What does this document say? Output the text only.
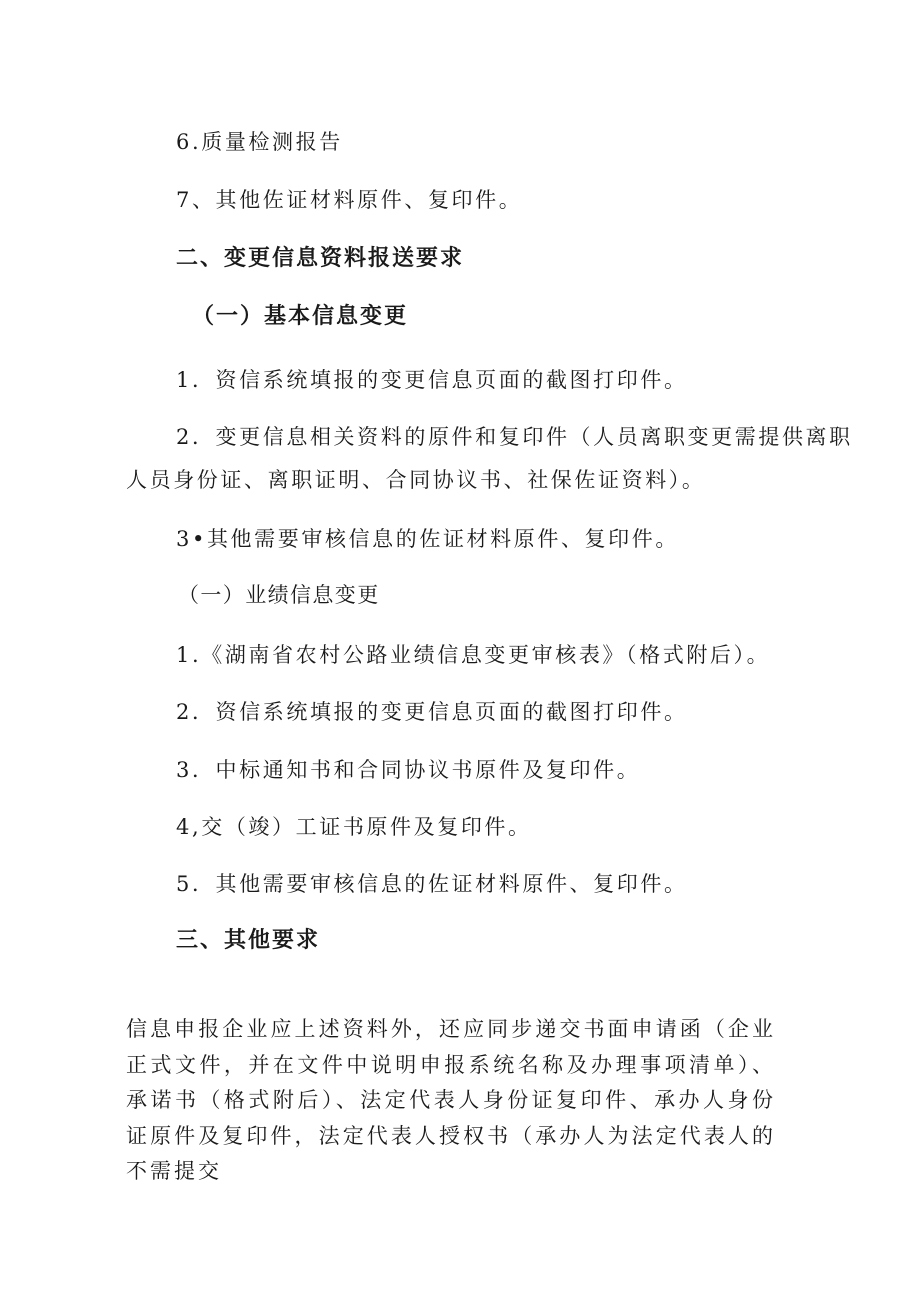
6.质量检测报告
7、其他佐证材料原件、复印件。
二、变更信息资料报送要求
（一）基本信息变更
1．资信系统填报的变更信息页面的截图打印件。
2．变更信息相关资料的原件和复印件（人员离职变更需提供离职
人员身份证、离职证明、合同协议书、社保佐证资料）。
3•其他需要审核信息的佐证材料原件、复印件。
（一）业绩信息变更
1.《湖南省农村公路业绩信息变更审核表》（格式附后）。
2．资信系统填报的变更信息页面的截图打印件。
3．中标通知书和合同协议书原件及复印件。
4,交（竣）工证书原件及复印件。
5．其他需要审核信息的佐证材料原件、复印件。
三、其他要求
信息申报企业应上述资料外，还应同步递交书面申请函（企业正式文件，并在文件中说明申报系统名称及办理事项清单）、承诺书（格式附后）、法定代表人身份证复印件、承办人身份证原件及复印件，法定代表人授权书（承办人为法定代表人的不需提交
